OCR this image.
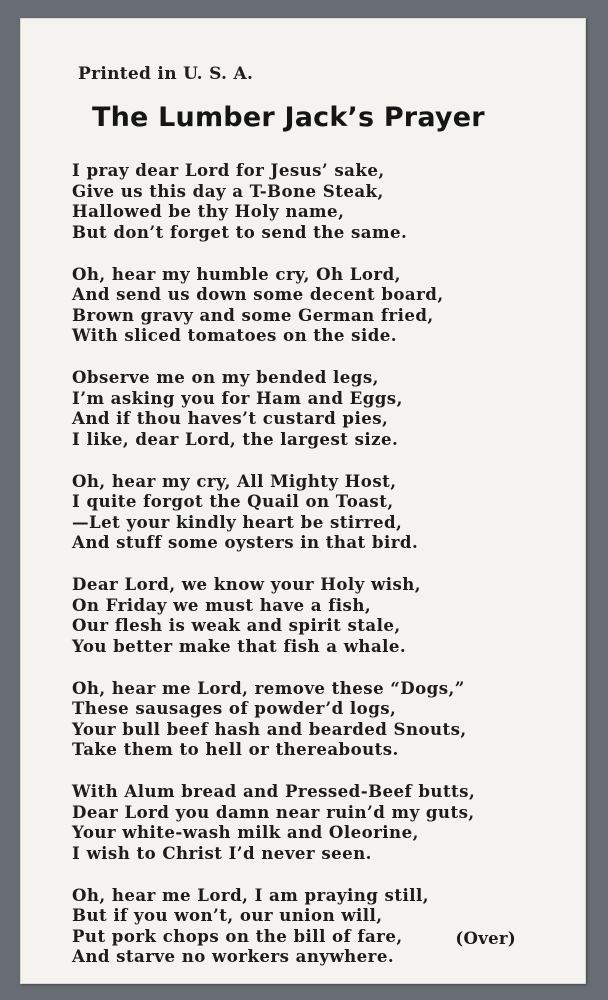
Printed in U. S. A.
The Lumber Jack’s Prayer
I pray dear Lord for Jesus’ sake,
Give us this day a T-Bone Steak,
Hallowed be thy Holy name,
But don’t forget to send the same.
Oh, hear my humble cry, Oh Lord,
And send us down some decent board,
Brown gravy and some German fried,
With sliced tomatoes on the side.
Observe me on my bended legs,
I’m asking you for Ham and Eggs,
And if thou haves’t custard pies,
I like, dear Lord, the largest size.
Oh, hear my cry, All Mighty Host,
I quite forgot the Quail on Toast,
—Let your kindly heart be stirred,
And stuff some oysters in that bird.
Dear Lord, we know your Holy wish,
On Friday we must have a fish,
Our flesh is weak and spirit stale,
You better make that fish a whale.
Oh, hear me Lord, remove these “Dogs,”
These sausages of powder’d logs,
Your bull beef hash and bearded Snouts,
Take them to hell or thereabouts.
With Alum bread and Pressed-Beef butts,
Dear Lord you damn near ruin’d my guts,
Your white-wash milk and Oleorine,
I wish to Christ I’d never seen.
Oh, hear me Lord, I am praying still,
But if you won’t, our union will,
Put pork chops on the bill of fare,
And starve no workers anywhere.
(Over)
